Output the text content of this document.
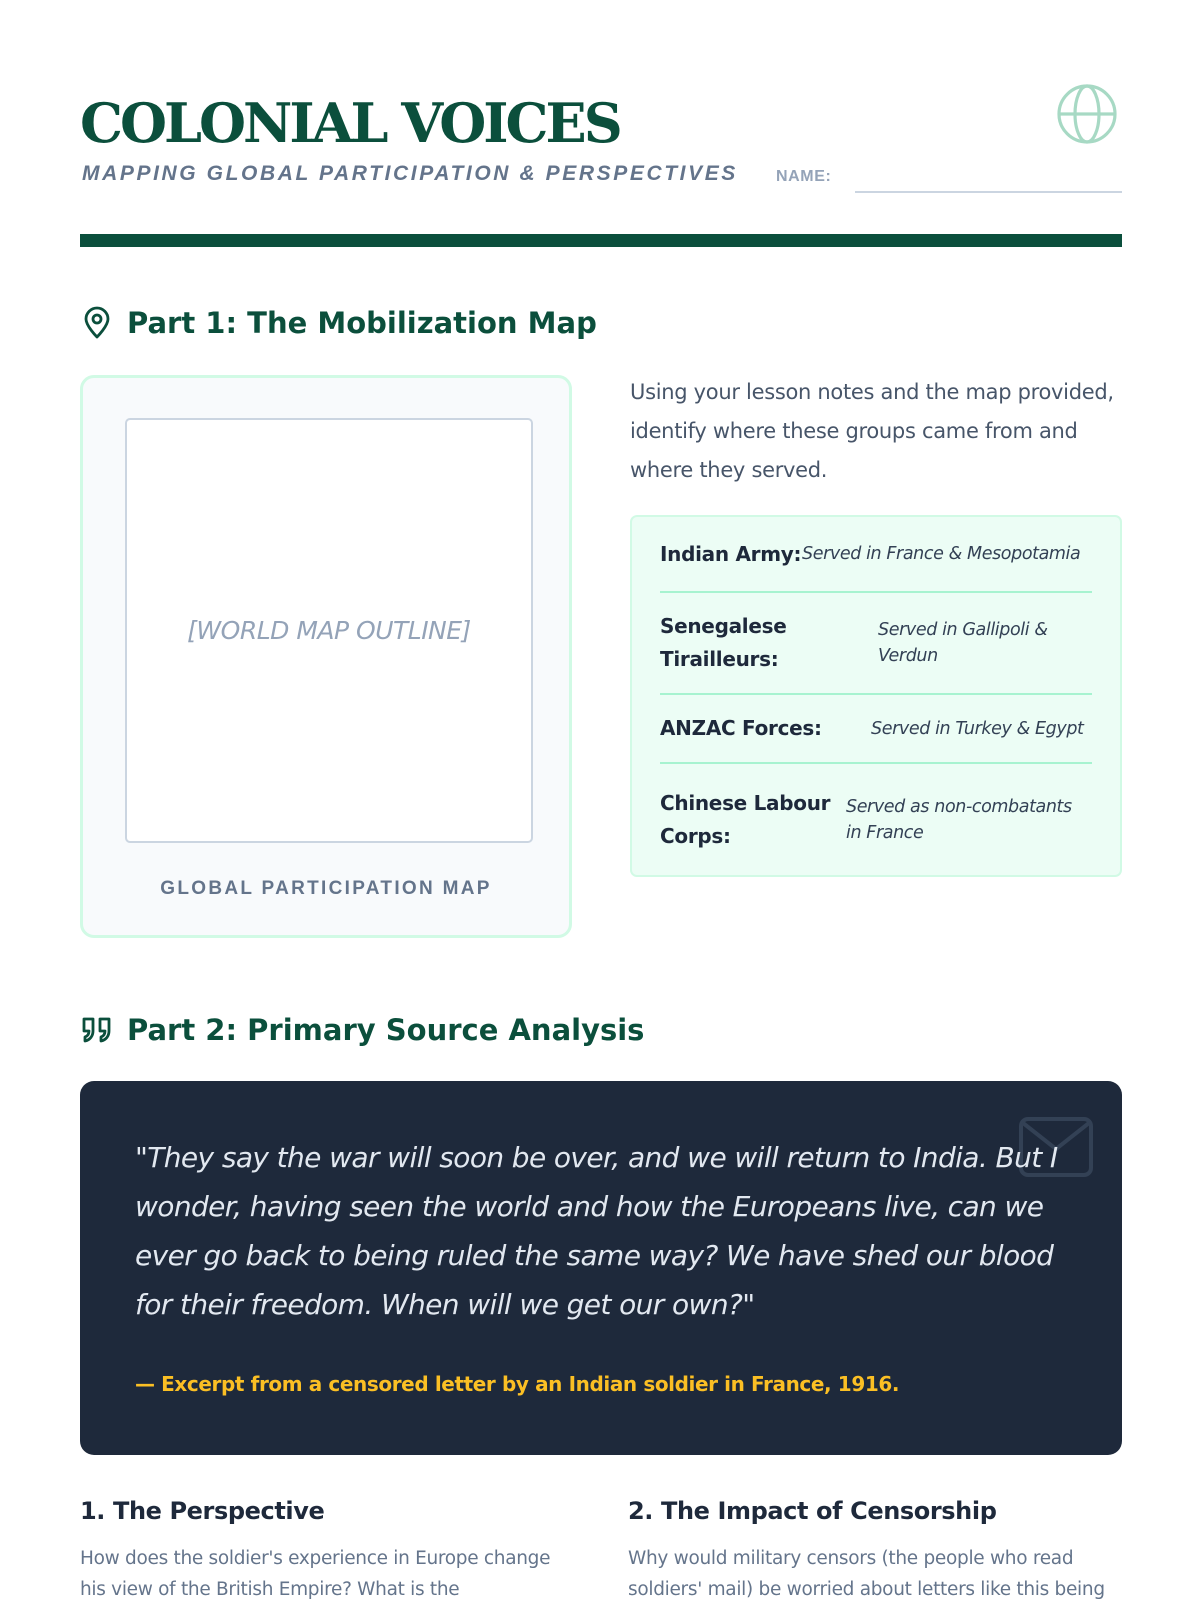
COLONIAL VOICES
MAPPING GLOBAL PARTICIPATION & PERSPECTIVES NAME:
Part 1: The Mobilization Map
[WORLD MAP OUTLINE]
GLOBAL PARTICIPATION MAP

Using your lesson notes and the map provided, identify where these groups came from and where they served.

Indian Army: Served in France & Mesopotamia
Senegalese Tirailleurs:
Served in Gallipoli & Verdun
ANZAC Forces:	Served in Turkey & Egypt
Chinese Labour Corps:
Served as non-combatants in France
Part 2: Primary Source Analysis

"They say the war will soon be over, and we will return to India. But I wonder, having seen the world and how the Europeans live, can we ever go back to being ruled the same way? We have shed our blood for their freedom. When will we get our own?"

— Excerpt from a censored letter by an Indian soldier in France, 1916.

1. The Perspective

How does the soldier's experience in Europe change his view of the British Empire? What is the

2. The Impact of Censorship

Why would military censors (the people who read soldiers' mail) be worried about letters like this being
